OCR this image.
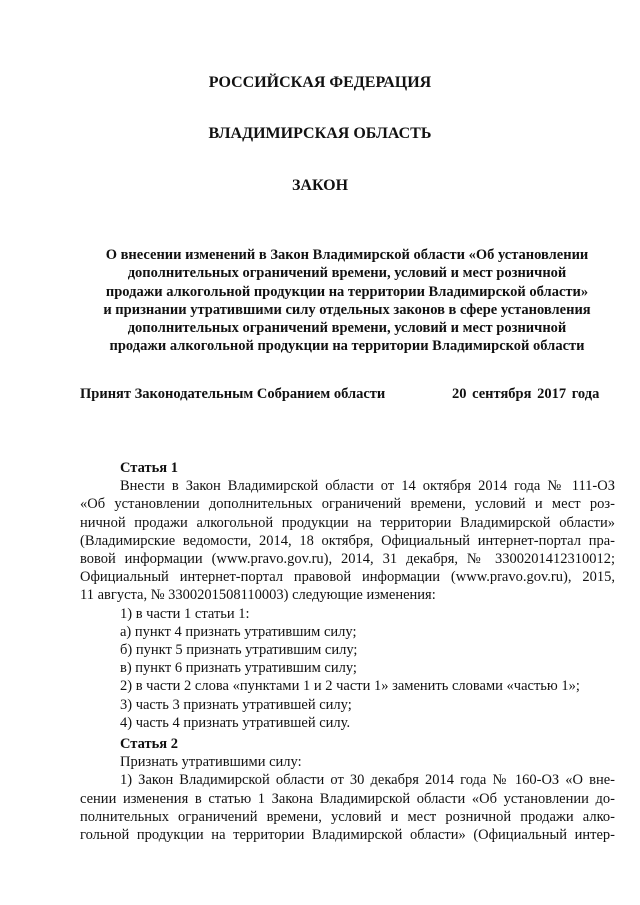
РОССИЙСКАЯ ФЕДЕРАЦИЯ
ВЛАДИМИРСКАЯ ОБЛАСТЬ
ЗАКОН
О внесении изменений в Закон Владимирской области «Об установлении
дополнительных ограничений времени, условий и мест розничной
продажи алкогольной продукции на территории Владимирской области»
и признании утратившими силу отдельных законов в сфере установления
дополнительных ограничений времени, условий и мест розничной
продажи алкогольной продукции на территории Владимирской области
Принят Законодательным Собранием области	20 сентября 2017 года
Статья 1
Внести в Закон Владимирской области от 14 октября 2014 года № 111-ОЗ
«Об установлении дополнительных ограничений времени, условий и мест роз-
ничной продажи алкогольной продукции на территории Владимирской области»
(Владимирские ведомости, 2014, 18 октября, Официальный интернет-портал пра-
вовой информации (www.pravo.gov.ru), 2014, 31 декабря, № 3300201412310012;
Официальный интернет-портал правовой информации (www.pravo.gov.ru), 2015,
11 августа, № 3300201508110003) следующие изменения:
1) в части 1 статьи 1:
а) пункт 4 признать утратившим силу;
б) пункт 5 признать утратившим силу;
в) пункт 6 признать утратившим силу;
2) в части 2 слова «пунктами 1 и 2 части 1» заменить словами «частью 1»;
3) часть 3 признать утратившей силу;
4) часть 4 признать утратившей силу.
Статья 2
Признать утратившими силу:
1) Закон Владимирской области от 30 декабря 2014 года № 160-ОЗ «О вне-
сении изменения в статью 1 Закона Владимирской области «Об установлении до-
полнительных ограничений времени, условий и мест розничной продажи алко-
гольной продукции на территории Владимирской области» (Официальный интер-
